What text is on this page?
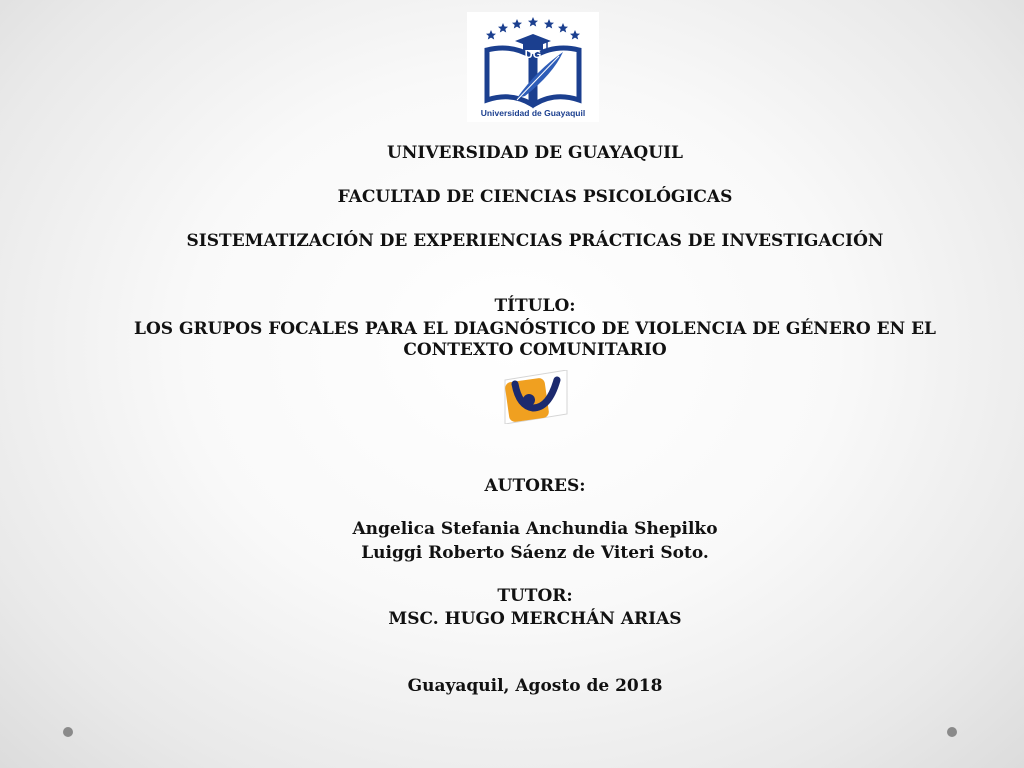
UG
Universidad de Guayaquil
UNIVERSIDAD DE GUAYAQUIL
FACULTAD DE CIENCIAS PSICOLÓGICAS
SISTEMATIZACIÓN DE EXPERIENCIAS PRÁCTICAS DE INVESTIGACIÓN
TÍTULO:
LOS GRUPOS FOCALES PARA EL DIAGNÓSTICO DE VIOLENCIA DE GÉNERO EN EL CONTEXTO COMUNITARIO
AUTORES:
Angelica Stefania Anchundia Shepilko
Luiggi Roberto Sáenz de Viteri Soto.
TUTOR:
MSC. HUGO MERCHÁN ARIAS
Guayaquil, Agosto de 2018
